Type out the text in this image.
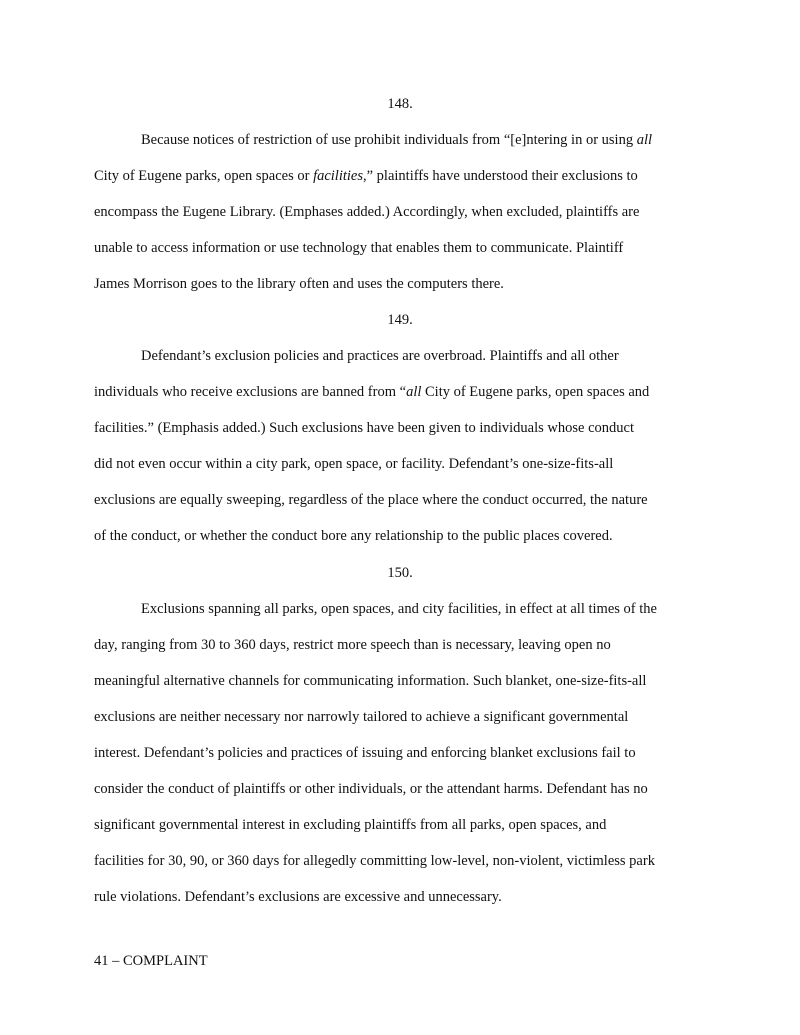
148.
Because notices of restriction of use prohibit individuals from “[e]ntering in or using all
City of Eugene parks, open spaces or facilities,” plaintiffs have understood their exclusions to
encompass the Eugene Library. (Emphases added.) Accordingly, when excluded, plaintiffs are
unable to access information or use technology that enables them to communicate. Plaintiff
James Morrison goes to the library often and uses the computers there.
149.
Defendant’s exclusion policies and practices are overbroad. Plaintiffs and all other
individuals who receive exclusions are banned from “all City of Eugene parks, open spaces and
facilities.” (Emphasis added.) Such exclusions have been given to individuals whose conduct
did not even occur within a city park, open space, or facility. Defendant’s one-size-fits-all
exclusions are equally sweeping, regardless of the place where the conduct occurred, the nature
of the conduct, or whether the conduct bore any relationship to the public places covered.
150.
Exclusions spanning all parks, open spaces, and city facilities, in effect at all times of the
day, ranging from 30 to 360 days, restrict more speech than is necessary, leaving open no
meaningful alternative channels for communicating information. Such blanket, one-size-fits-all
exclusions are neither necessary nor narrowly tailored to achieve a significant governmental
interest. Defendant’s policies and practices of issuing and enforcing blanket exclusions fail to
consider the conduct of plaintiffs or other individuals, or the attendant harms. Defendant has no
significant governmental interest in excluding plaintiffs from all parks, open spaces, and
facilities for 30, 90, or 360 days for allegedly committing low-level, non-violent, victimless park
rule violations. Defendant’s exclusions are excessive and unnecessary.
41 – COMPLAINT
